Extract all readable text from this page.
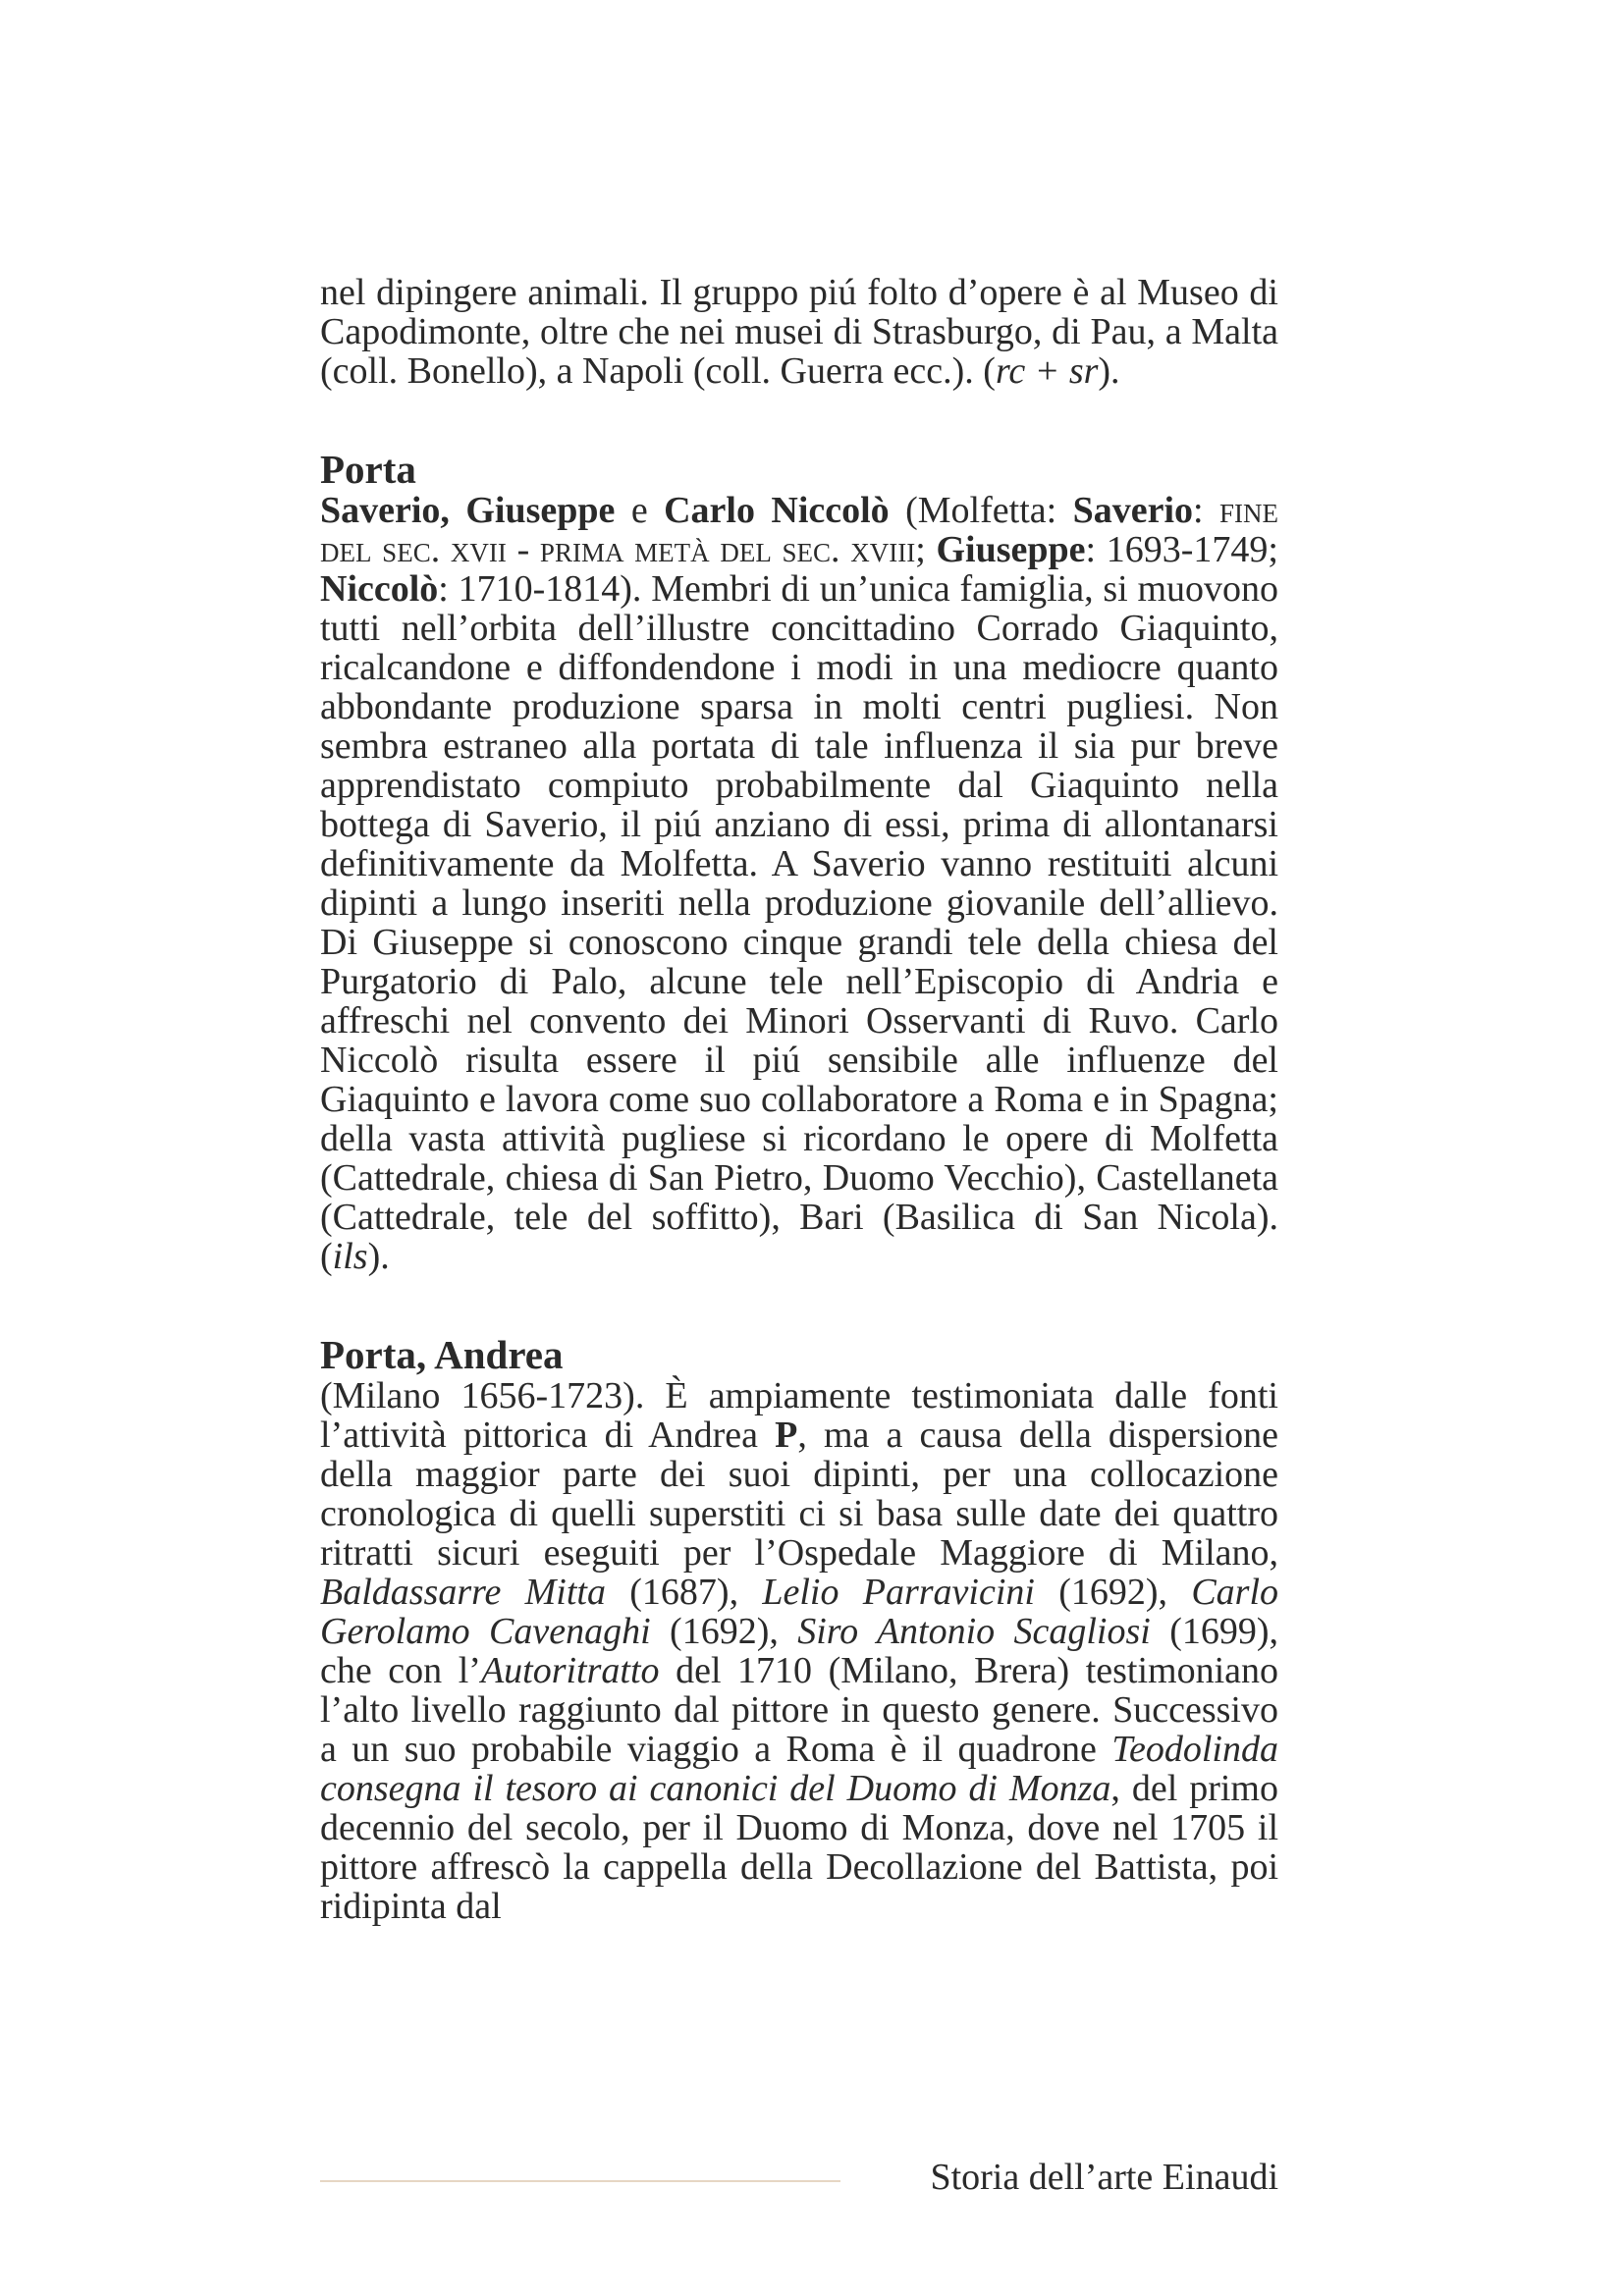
nel dipingere animali. Il gruppo piú folto d’opere è al Museo di Capodimonte, oltre che nei musei di Strasburgo, di Pau, a Malta (coll. Bonello), a Napoli (coll. Guerra ecc.). (rc + sr).

Porta

Saverio, Giuseppe e Carlo Niccolò (Molfetta: Saverio: fine del sec. xvii - prima metà del sec. xviii; Giuseppe: 1693-1749; Niccolò: 1710-1814). Membri di un’unica famiglia, si muovono tutti nell’orbita dell’illustre concittadino Corrado Giaquinto, ricalcandone e diffondendone i modi in una mediocre quanto abbondante produzione sparsa in molti centri pugliesi. Non sembra estraneo alla portata di tale influenza il sia pur breve apprendistato compiuto probabilmente dal Giaquinto nella bottega di Saverio, il piú anziano di essi, prima di allontanarsi definitivamente da Molfetta. A Saverio vanno restituiti alcuni dipinti a lungo inseriti nella produzione giovanile dell’allievo. Di Giuseppe si conoscono cinque grandi tele della chiesa del Purgatorio di Palo, alcune tele nell’Episcopio di Andria e affreschi nel convento dei Minori Osservanti di Ruvo. Carlo Niccolò risulta essere il piú sensibile alle influenze del Giaquinto e lavora come suo collaboratore a Roma e in Spagna; della vasta attività pugliese si ricordano le opere di Molfetta (Cattedrale, chiesa di San Pietro, Duomo Vecchio), Castellaneta (Cattedrale, tele del soffitto), Bari (Basilica di San Nicola). (ils).

Porta, Andrea

(Milano 1656-1723). È ampiamente testimoniata dalle fonti l’attività pittorica di Andrea P, ma a causa della dispersione della maggior parte dei suoi dipinti, per una collocazione cronologica di quelli superstiti ci si basa sulle date dei quattro ritratti sicuri eseguiti per l’Ospedale Maggiore di Milano, Baldassarre Mitta (1687), Lelio Parravicini (1692), Carlo Gerolamo Cavenaghi (1692), Siro Antonio Scagliosi (1699), che con l’Autoritratto del 1710 (Milano, Brera) testimoniano l’alto livello raggiunto dal pittore in questo genere. Successivo a un suo probabile viaggio a Roma è il quadrone Teodolinda consegna il tesoro ai canonici del Duomo di Monza, del primo decennio del secolo, per il Duomo di Monza, dove nel 1705 il pittore affrescò la cappella della Decollazione del Battista, poi ridipinta dal

Storia dell’arte Einaudi
